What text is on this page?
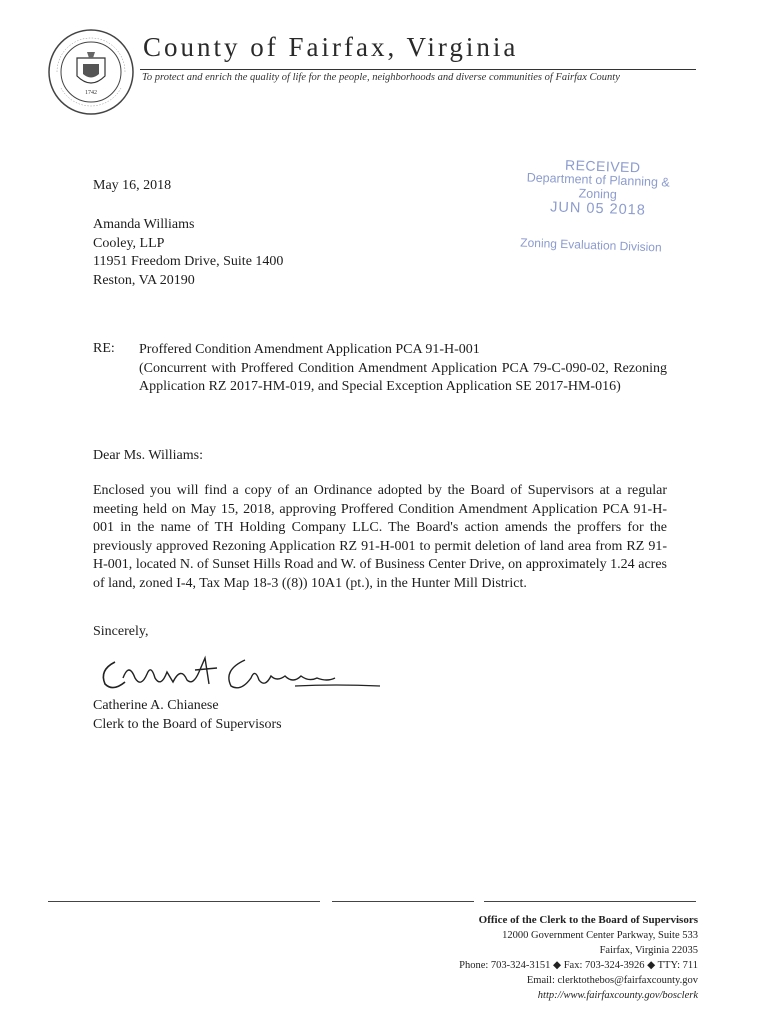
1742
County of Fairfax, Virginia
To protect and enrich the quality of life for the people, neighborhoods and diverse communities of Fairfax County
May 16, 2018
RECEIVED
Department of Planning & Zoning
JUN 05 2018
Zoning Evaluation Division
Amanda Williams
Cooley, LLP
11951 Freedom Drive, Suite 1400
Reston, VA 20190
RE: Proffered Condition Amendment Application PCA 91-H-001
(Concurrent with Proffered Condition Amendment Application PCA 79-C-090-02, Rezoning Application RZ 2017-HM-019, and Special Exception Application SE 2017-HM-016)
Dear Ms. Williams:
Enclosed you will find a copy of an Ordinance adopted by the Board of Supervisors at a regular meeting held on May 15, 2018, approving Proffered Condition Amendment Application PCA 91-H-001 in the name of TH Holding Company LLC. The Board's action amends the proffers for the previously approved Rezoning Application RZ 91-H-001 to permit deletion of land area from RZ 91-H-001, located N. of Sunset Hills Road and W. of Business Center Drive, on approximately 1.24 acres of land, zoned I-4, Tax Map 18-3 ((8)) 10A1 (pt.), in the Hunter Mill District.
Sincerely,
Catherine A. Chianese
Clerk to the Board of Supervisors
Office of the Clerk to the Board of Supervisors
12000 Government Center Parkway, Suite 533
Fairfax, Virginia 22035
Phone: 703-324-3151 ◆ Fax: 703-324-3926 ◆ TTY: 711
Email: clerktothebos@fairfaxcounty.gov
http://www.fairfaxcounty.gov/bosclerk
